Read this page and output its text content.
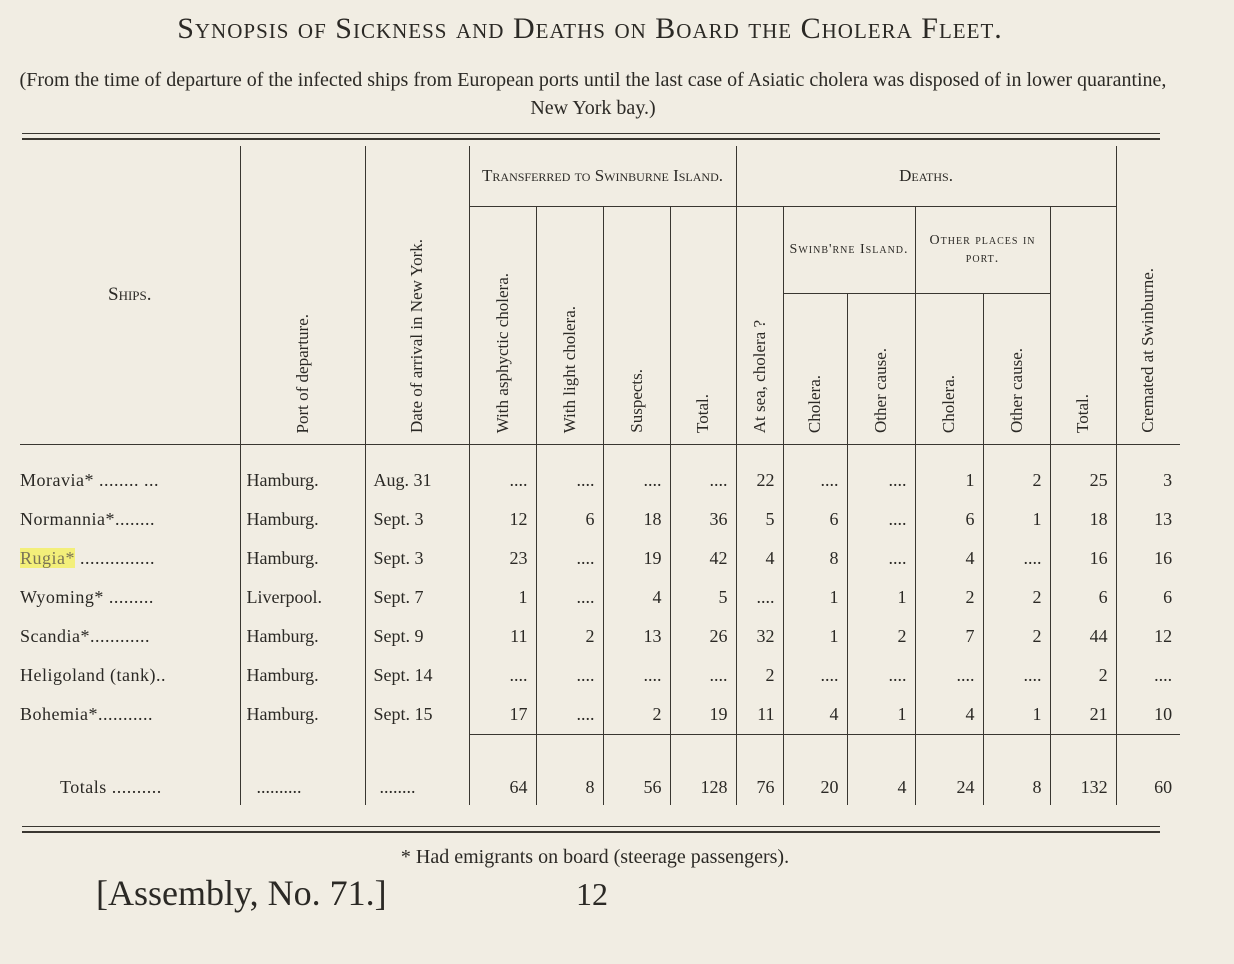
Synopsis of Sickness and Deaths on Board the Cholera Fleet.
(From the time of departure of the infected ships from European ports until the last case of Asiatic cholera was disposed of in lower quarantine, New York bay.)
Ships.	Port of departure.	Date of arrival in New York.	Transferred to Swinburne Island.				Deaths.						Cremated at Swinburne.
			With asphyctic cholera.	With light cholera.	Suspects.	Total.	At sea, cholera ?	Swinb'rne Island.		Other places in port.		Total.	
								Cholera.	Other cause.	Cholera.	Other cause.		

Moravia* ........ ...	Hamburg.	Aug. 31	....	....	....	....	22	....	....	1	2	25	3
Normannia*........	Hamburg.	Sept. 3	12	6	18	36	5	6	....	6	1	18	13
Rugia* ...............	Hamburg.	Sept. 3	23	....	19	42	4	8	....	4	....	16	16
Wyoming* .........	Liverpool.	Sept. 7	1	....	4	5	....	1	1	2	2	6	6
Scandia*............	Hamburg.	Sept. 9	11	2	13	26	32	1	2	7	2	44	12
Heligoland (tank)..	Hamburg.	Sept. 14	....	....	....	....	2	....	....	....	....	2	....
Bohemia*...........	Hamburg.	Sept. 15	17	....	2	19	11	4	1	4	1	21	10

Totals ..........	..........	........	64	8	56	128	76	20	4	24	8	132	60
* Had emigrants on board (steerage passengers).
[Assembly, No. 71.]	12
